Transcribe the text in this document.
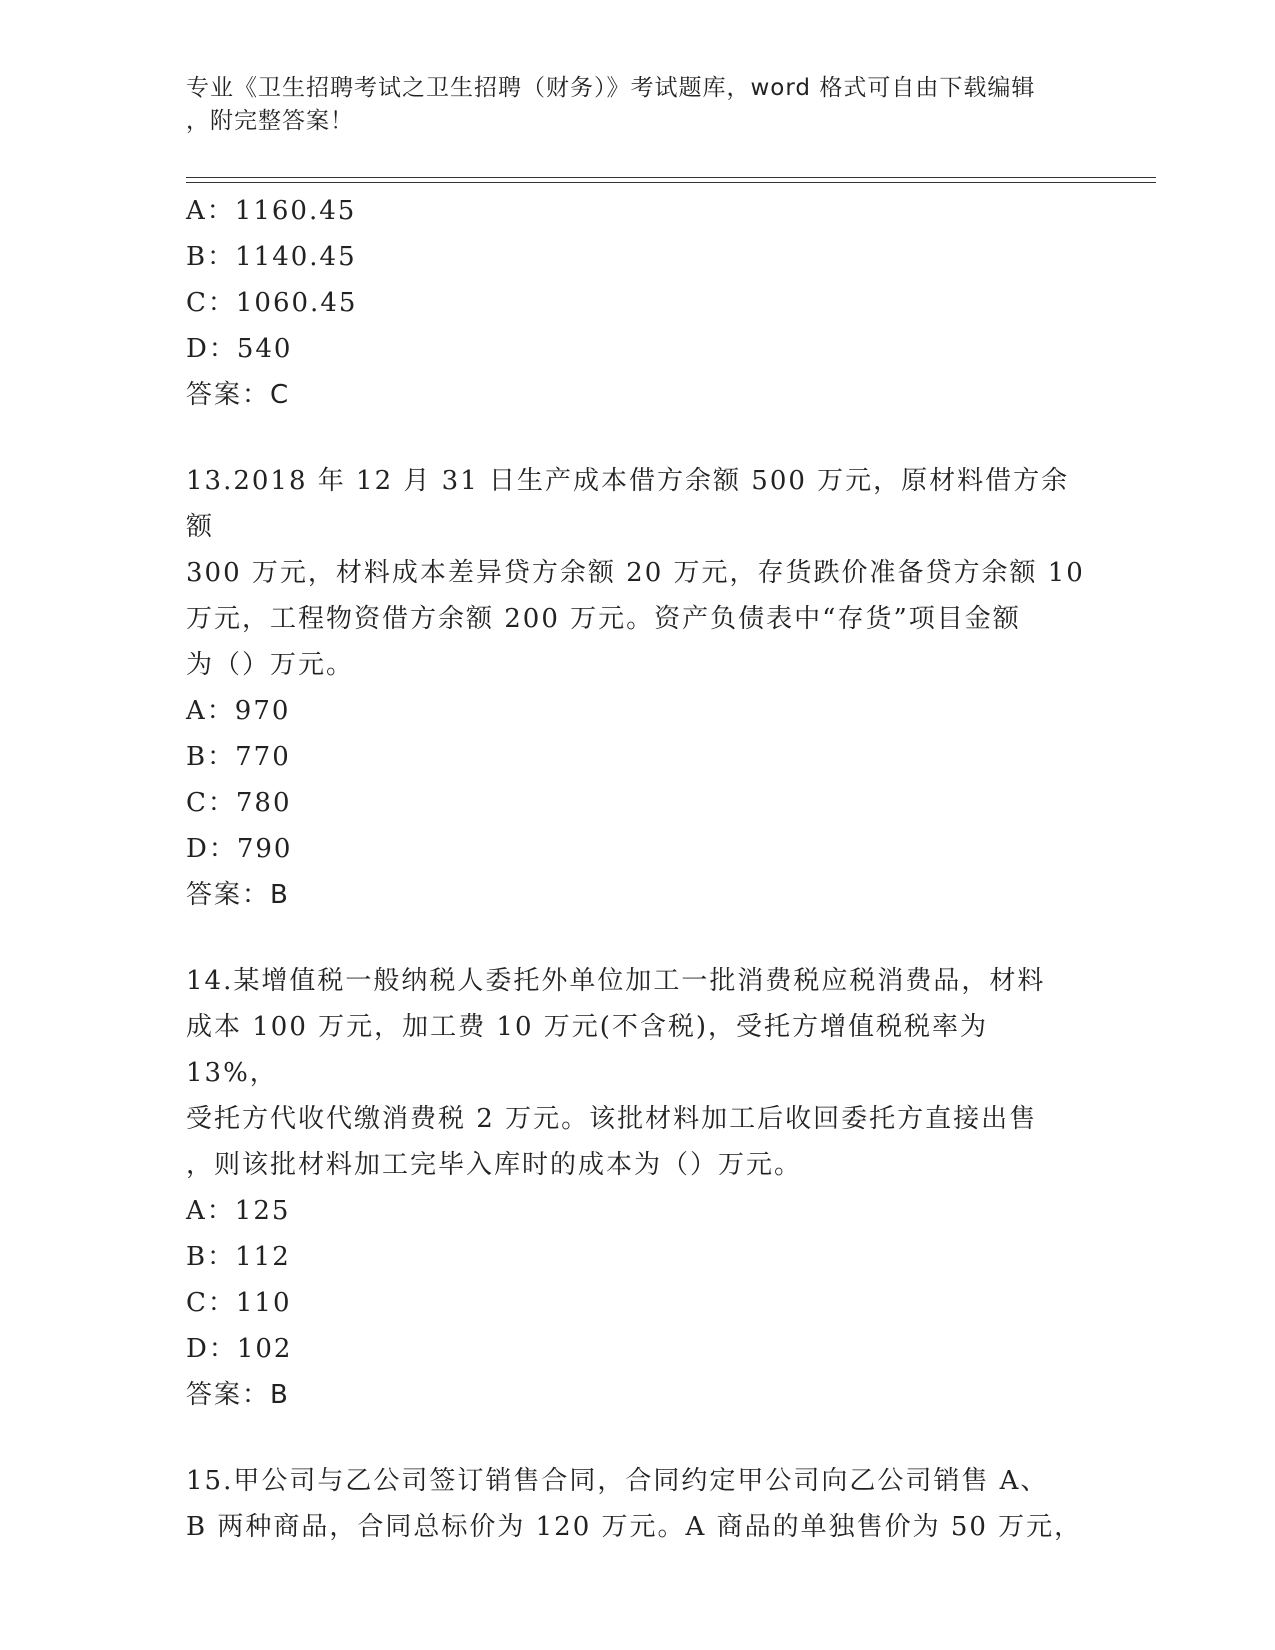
专业《卫生招聘考试之卫生招聘（财务）》考试题库，word 格式可自由下载编辑
，附完整答案！
A：1160.45
B：1140.45
C：1060.45
D：540
答案：C
13.2018 年 12 月 31 日生产成本借方余额 500 万元，原材料借方余额
300 万元，材料成本差异贷方余额 20 万元，存货跌价准备贷方余额 10
万元，工程物资借方余额 200 万元。资产负债表中“存货”项目金额
为（）万元。
A：970
B：770
C：780
D：790
答案：B
14.某增值税一般纳税人委托外单位加工一批消费税应税消费品，材料
成本 100 万元，加工费 10 万元(不含税)，受托方增值税税率为 13%，
受托方代收代缴消费税 2 万元。该批材料加工后收回委托方直接出售
，则该批材料加工完毕入库时的成本为（）万元。
A：125
B：112
C：110
D：102
答案：B
15.甲公司与乙公司签订销售合同，合同约定甲公司向乙公司销售 A、
B 两种商品，合同总标价为 120 万元。A 商品的单独售价为 50 万元，
